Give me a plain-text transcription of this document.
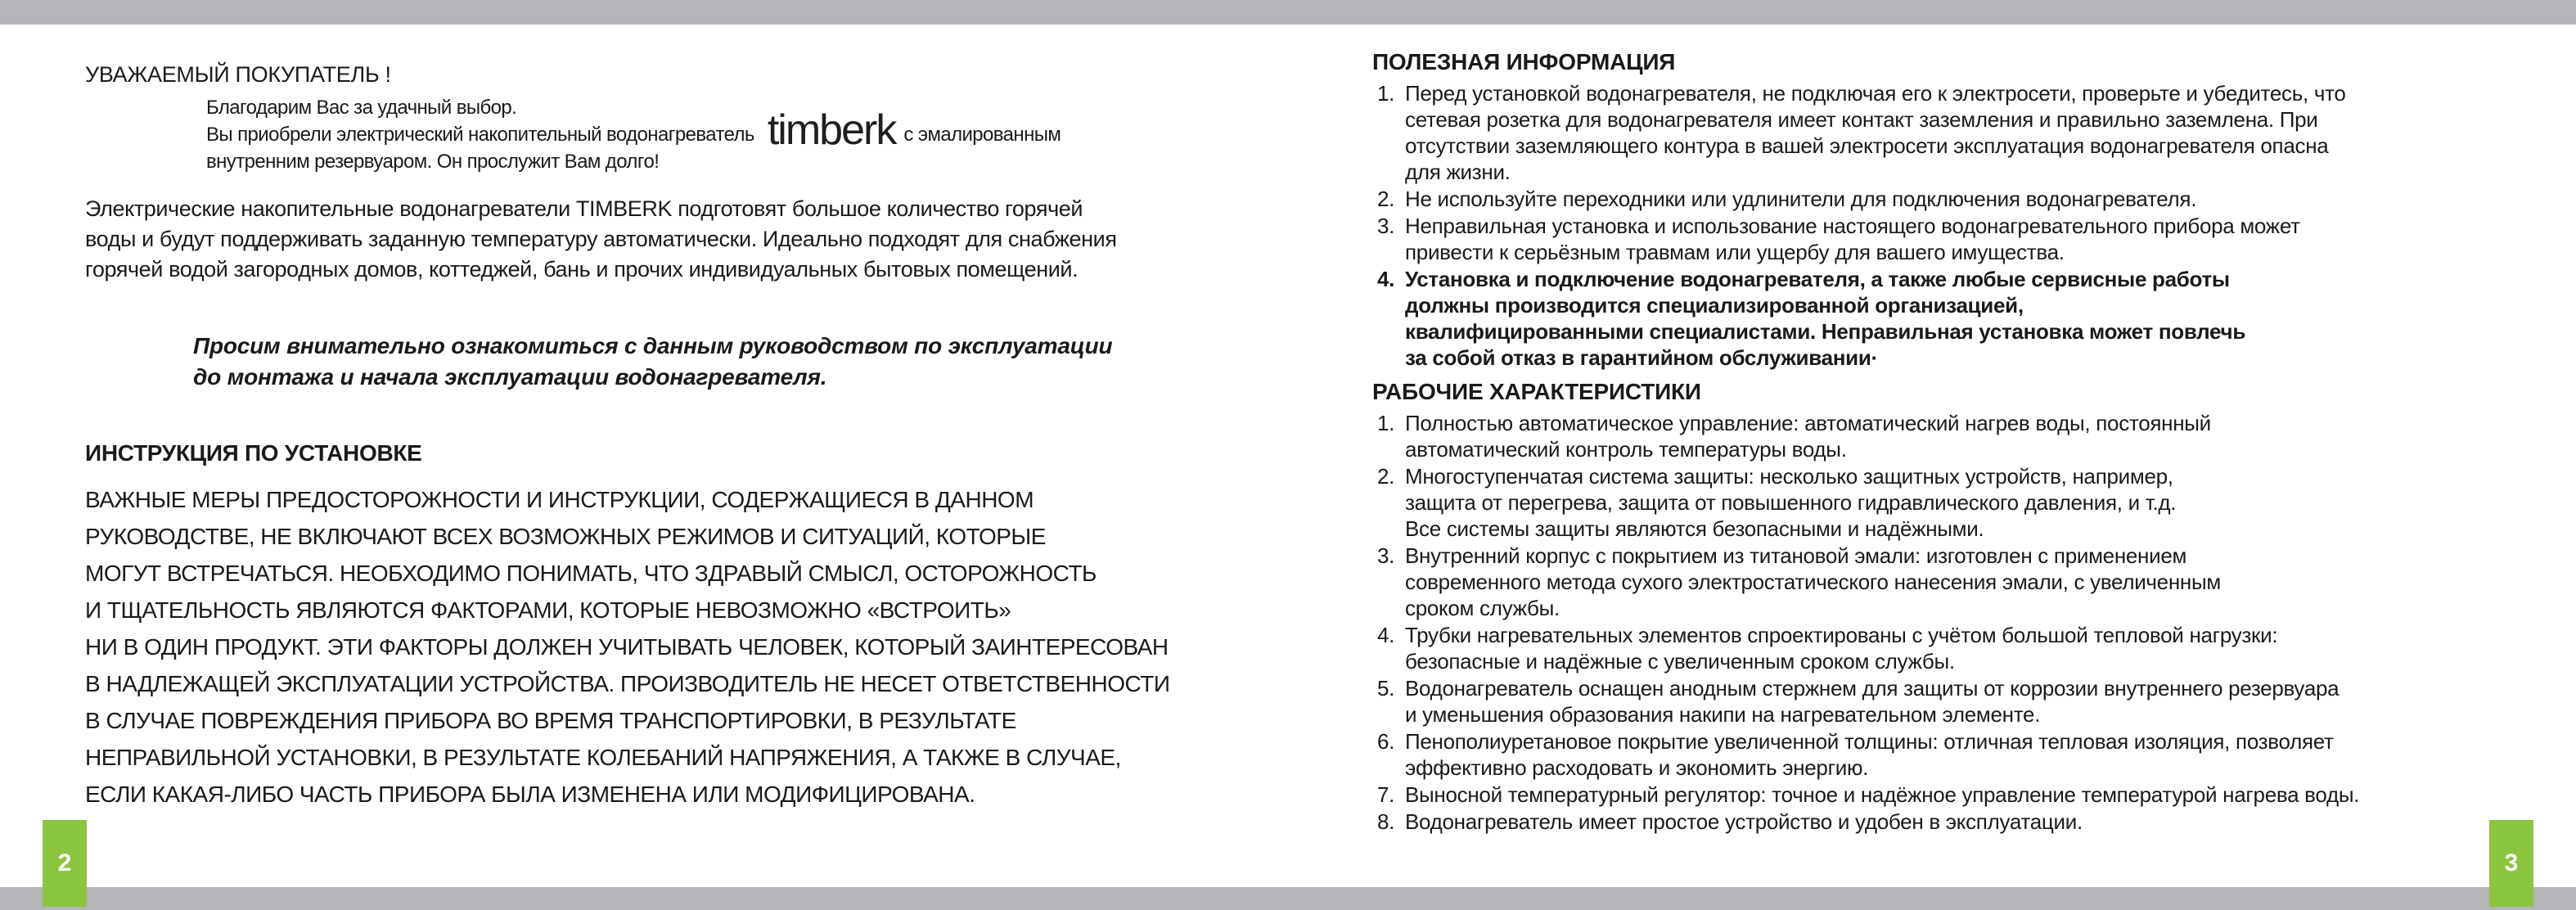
УВАЖАЕМЫЙ ПОКУПАТЕЛЬ !
Благодарим Вас за удачный выбор.
Вы приобрели электрический накопительный водонагреватель timberk с эмалированным
внутренним резервуаром. Он прослужит Вам долго!
Электрические накопительные водонагреватели TIMBERK подготовят большое количество горячей
воды и будут поддерживать заданную температуру автоматически. Идеально подходят для снабжения
горячей водой загородных домов, коттеджей, бань и прочих индивидуальных бытовых помещений.
Просим внимательно ознакомиться с данным руководством по эксплуатации
до монтажа и начала эксплуатации водонагревателя.
ИНСТРУКЦИЯ ПО УСТАНОВКЕ
ВАЖНЫЕ МЕРЫ ПРЕДОСТОРОЖНОСТИ И ИНСТРУКЦИИ, СОДЕРЖАЩИЕСЯ В ДАННОМ
РУКОВОДСТВЕ, НЕ ВКЛЮЧАЮТ ВСЕХ ВОЗМОЖНЫХ РЕЖИМОВ И СИТУАЦИЙ, КОТОРЫЕ
МОГУТ ВСТРЕЧАТЬСЯ. НЕОБХОДИМО ПОНИМАТЬ, ЧТО ЗДРАВЫЙ СМЫСЛ, ОСТОРОЖНОСТЬ
И ТЩАТЕЛЬНОСТЬ ЯВЛЯЮТСЯ ФАКТОРАМИ, КОТОРЫЕ НЕВОЗМОЖНО «ВСТРОИТЬ»
НИ В ОДИН ПРОДУКТ. ЭТИ ФАКТОРЫ ДОЛЖЕН УЧИТЫВАТЬ ЧЕЛОВЕК, КОТОРЫЙ ЗАИНТЕРЕСОВАН
В НАДЛЕЖАЩЕЙ ЭКСПЛУАТАЦИИ УСТРОЙСТВА. ПРОИЗВОДИТЕЛЬ НЕ НЕСЕТ ОТВЕТСТВЕННОСТИ
В СЛУЧАЕ ПОВРЕЖДЕНИЯ ПРИБОРА ВО ВРЕМЯ ТРАНСПОРТИРОВКИ, В РЕЗУЛЬТАТЕ
НЕПРАВИЛЬНОЙ УСТАНОВКИ, В РЕЗУЛЬТАТЕ КОЛЕБАНИЙ НАПРЯЖЕНИЯ, А ТАКЖЕ В СЛУЧАЕ,
ЕСЛИ КАКАЯ-ЛИБО ЧАСТЬ ПРИБОРА БЫЛА ИЗМЕНЕНА ИЛИ МОДИФИЦИРОВАНА.
2
ПОЛЕЗНАЯ ИНФОРМАЦИЯ
1. Перед установкой водонагревателя, не подключая его к электросети, проверьте и убедитесь, что
сетевая розетка для водонагревателя имеет контакт заземления и правильно заземлена. При
отсутствии заземляющего контура в вашей электросети эксплуатация водонагревателя опасна
для жизни.
2. Не используйте переходники или удлинители для подключения водонагревателя.
3. Неправильная установка и использование настоящего водонагревательного прибора может
привести к серьёзным травмам или ущербу для вашего имущества.
4. Установка и подключение водонагревателя, а также любые сервисные работы
должны производится специализированной организацией,
квалифицированными специалистами. Неправильная установка может повлечь
за собой отказ в гарантийном обслуживании·
РАБОЧИЕ ХАРАКТЕРИСТИКИ
1. Полностью автоматическое управление: автоматический нагрев воды, постоянный
автоматический контроль температуры воды.
2. Многоступенчатая система защиты: несколько защитных устройств, например,
защита от перегрева, защита от повышенного гидравлического давления, и т.д.
Все системы защиты являются безопасными и надёжными.
3. Внутренний корпус с покрытием из титановой эмали: изготовлен с применением
современного метода сухого электростатического нанесения эмали, с увеличенным
сроком службы.
4. Трубки нагревательных элементов спроектированы с учётом большой тепловой нагрузки:
безопасные и надёжные с увеличенным сроком службы.
5. Водонагреватель оснащен анодным стержнем для защиты от коррозии внутреннего резервуара
и уменьшения образования накипи на нагревательном элементе.
6. Пенополиуретановое покрытие увеличенной толщины: отличная тепловая изоляция, позволяет
эффективно расходовать и экономить энергию.
7. Выносной температурный регулятор: точное и надёжное управление температурой нагрева воды.
8. Водонагреватель имеет простое устройство и удобен в эксплуатации.
3
